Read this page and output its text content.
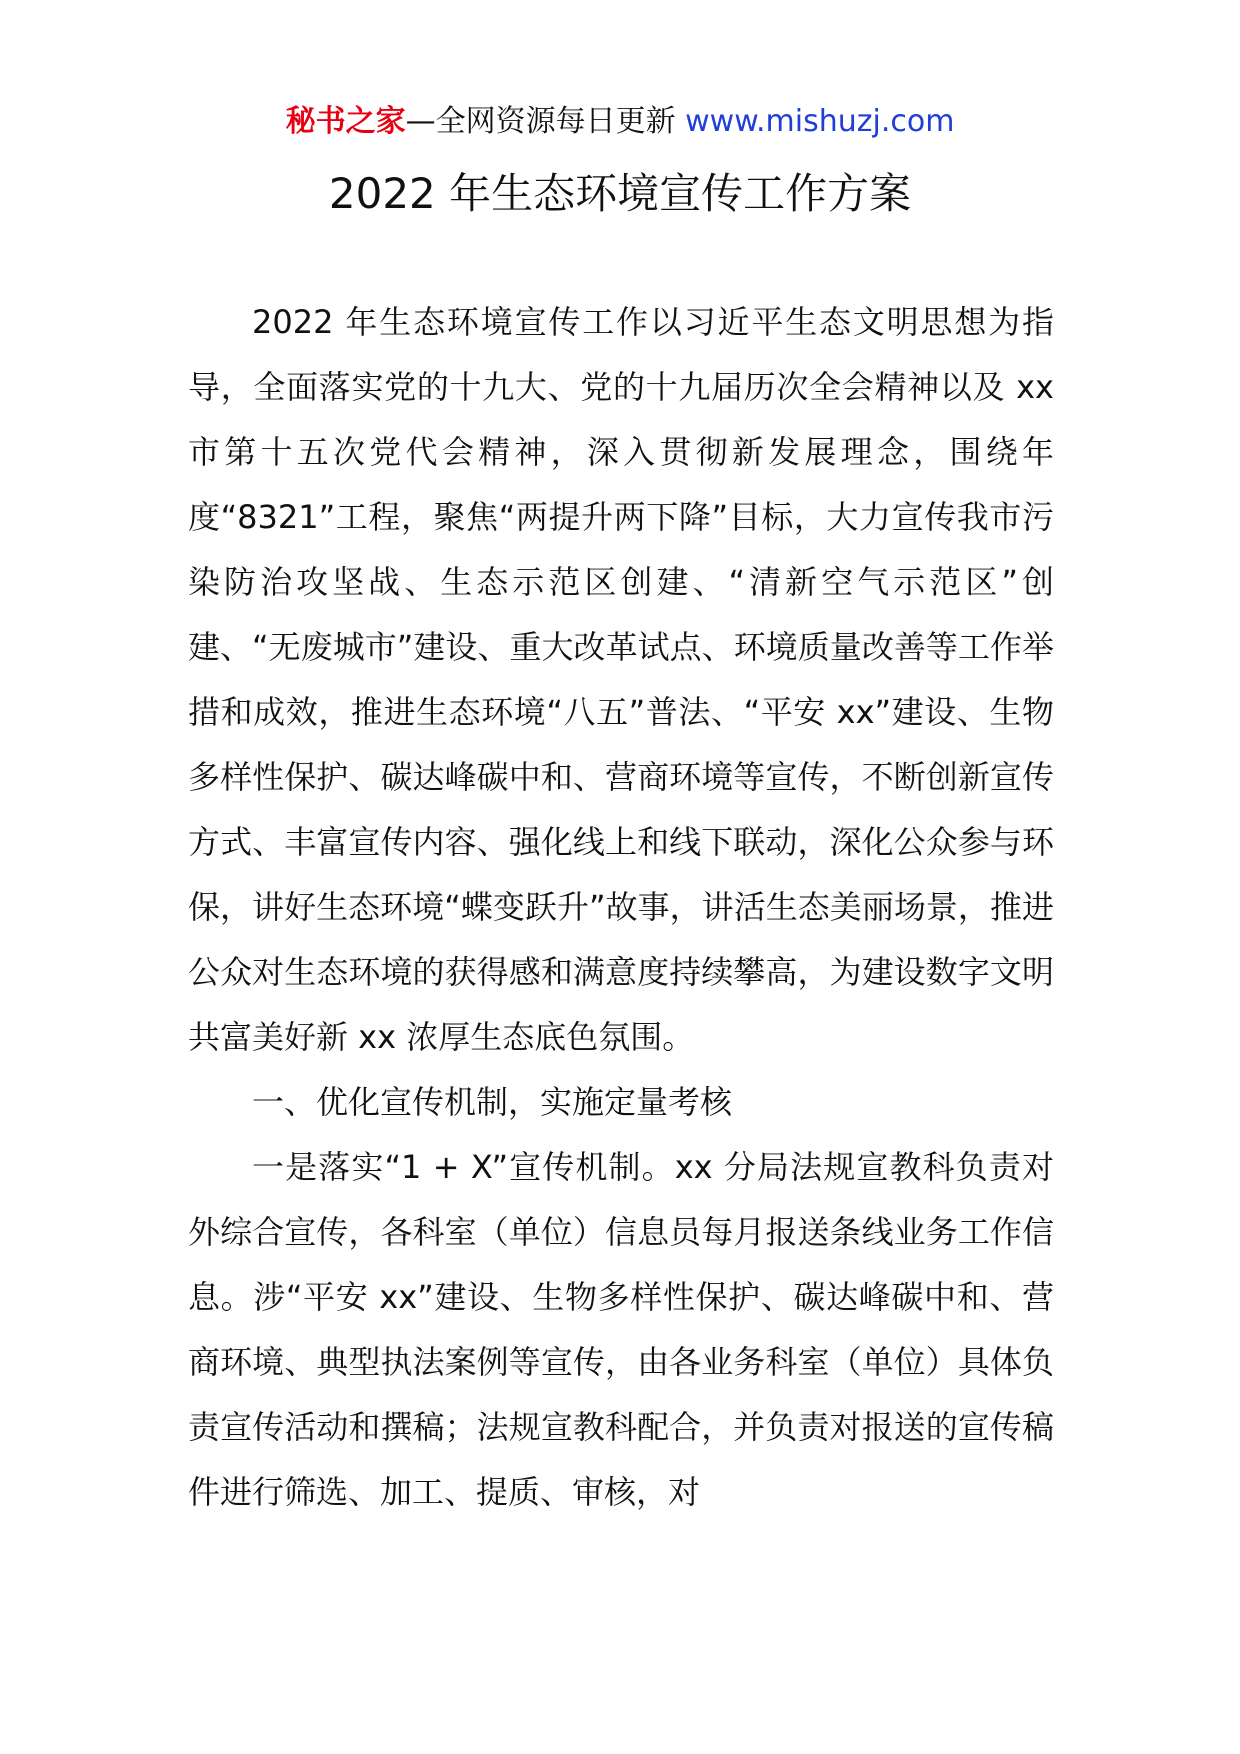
秘书之家—全网资源每日更新 www.mishuzj.com
2022 年生态环境宣传工作方案

2022 年生态环境宣传工作以习近平生态文明思想为指导，全面落实党的十九大、党的十九届历次全会精神以及 xx 市第十五次党代会精神，深入贯彻新发展理念，围绕年度“8321”工程，聚焦“两提升两下降”目标，大力宣传我市污染防治攻坚战、生态示范区创建、“清新空气示范区”创建、“无废城市”建设、重大改革试点、环境质量改善等工作举措和成效，推进生态环境“八五”普法、“平安 xx”建设、生物多样性保护、碳达峰碳中和、营商环境等宣传，不断创新宣传方式、丰富宣传内容、强化线上和线下联动，深化公众参与环保，讲好生态环境“蝶变跃升”故事，讲活生态美丽场景，推进公众对生态环境的获得感和满意度持续攀高，为建设数字文明共富美好新 xx 浓厚生态底色氛围。

一、优化宣传机制，实施定量考核

一是落实“1 + X”宣传机制。xx 分局法规宣教科负责对外综合宣传，各科室（单位）信息员每月报送条线业务工作信息。涉“平安 xx”建设、生物多样性保护、碳达峰碳中和、营商环境、典型执法案例等宣传，由各业务科室（单位）具体负责宣传活动和撰稿；法规宣教科配合，并负责对报送的宣传稿件进行筛选、加工、提质、审核，对
